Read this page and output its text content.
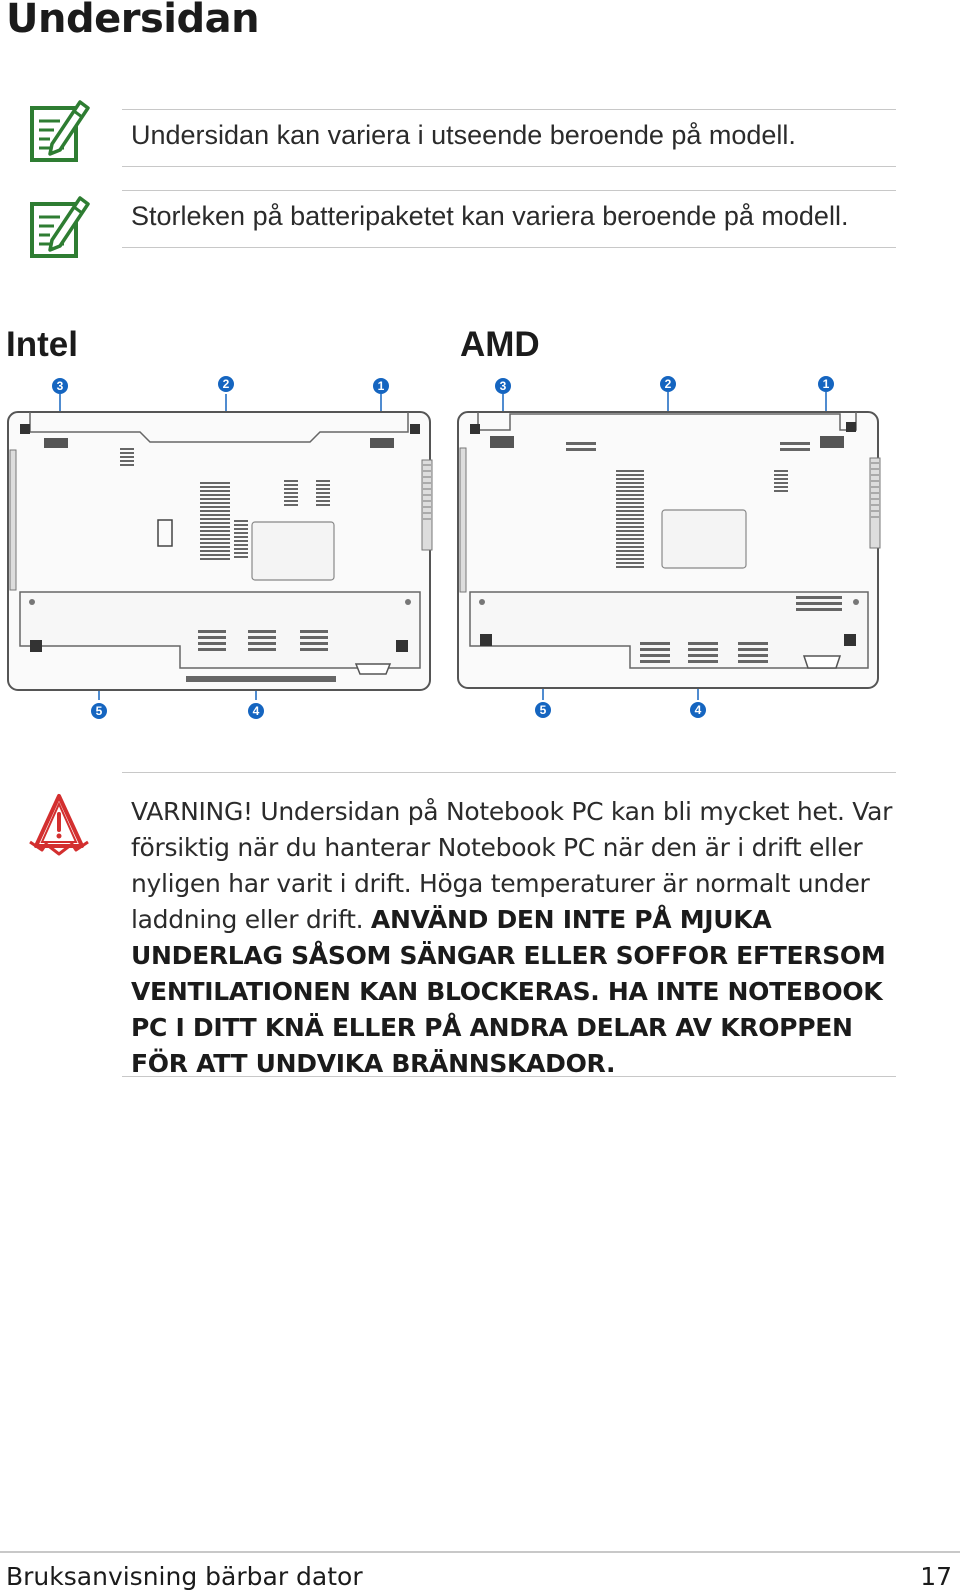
Undersidan
Undersidan kan variera i utseende beroende på modell.
Storleken på batteripaketet kan variera beroende på modell.
Intel	AMD
3	2	1
5	4
3	2	1
5	4
VARNING! Undersidan på Notebook PC kan bli mycket het. Var försiktig när du hanterar Notebook PC när den är i drift eller nyligen har varit i drift. Höga temperaturer är normalt under laddning eller drift. ANVÄND DEN INTE PÅ MJUKA UNDERLAG SÅSOM SÄNGAR ELLER SOFFOR EFTERSOM VENTILATIONEN KAN BLOCKERAS. HA INTE NOTEBOOK PC I DITT KNÄ ELLER PÅ ANDRA DELAR AV KROPPEN FÖR ATT UNDVIKA BRÄNNSKADOR.
Bruksanvisning bärbar dator	17
